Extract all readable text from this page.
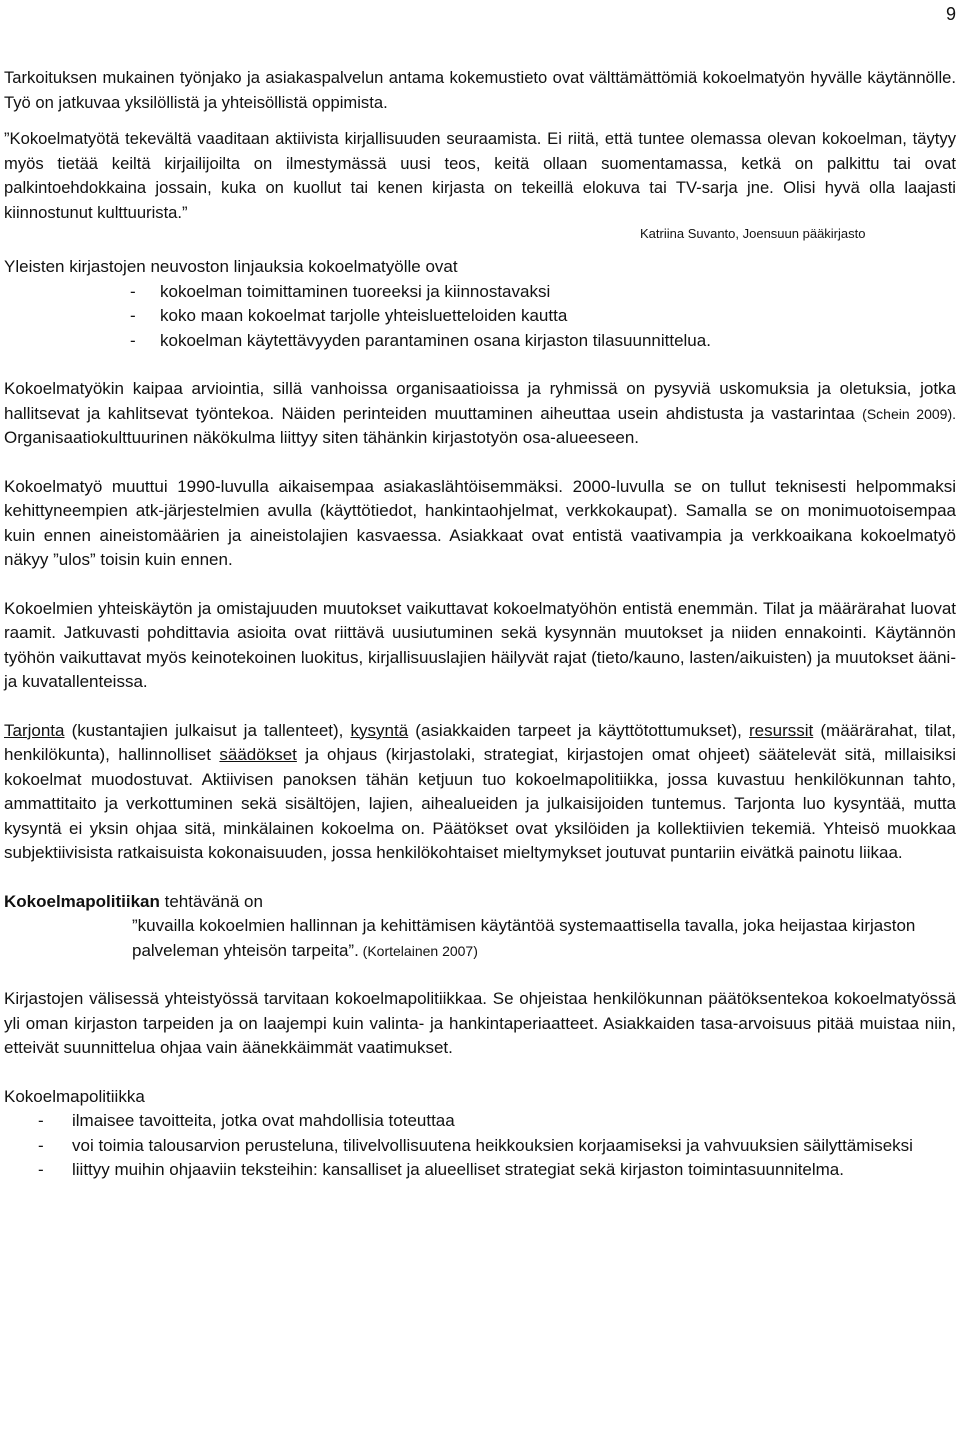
9

Tarkoituksen mukainen työnjako ja asiakaspalvelun antama kokemustieto ovat välttämättömiä kokoelmatyön hyvälle käytännölle. Työ on jatkuvaa yksilöllistä ja yhteisöllistä oppimista.

”Kokoelmatyötä tekevältä vaaditaan aktiivista kirjallisuuden seuraamista. Ei riitä, että tuntee olemassa olevan kokoelman, täytyy myös tietää keiltä kirjailijoilta on ilmestymässä uusi teos, keitä ollaan suomentamassa, ketkä on palkittu tai ovat palkintoehdokkaina jossain, kuka on kuollut tai kenen kirjasta on tekeillä elokuva tai TV-sarja jne. Olisi hyvä olla laajasti kiinnostunut kulttuurista.”

Katriina Suvanto, Joensuun pääkirjasto

Yleisten kirjastojen neuvoston linjauksia kokoelmatyölle ovat

- kokoelman toimittaminen tuoreeksi ja kiinnostavaksi
- koko maan kokoelmat tarjolle yhteisluetteloiden kautta
- kokoelman käytettävyyden parantaminen osana kirjaston tilasuunnittelua.

Kokoelmatyökin kaipaa arviointia, sillä vanhoissa organisaatioissa ja ryhmissä on pysyviä uskomuksia ja oletuksia, jotka hallitsevat ja kahlitsevat työntekoa. Näiden perinteiden muuttaminen aiheuttaa usein ahdistusta ja vastarintaa (Schein 2009). Organisaatiokulttuurinen näkökulma liittyy siten tähänkin kirjastotyön osa-alueeseen.

Kokoelmatyö muuttui 1990-luvulla aikaisempaa asiakaslähtöisemmäksi. 2000-luvulla se on tullut teknisesti helpommaksi kehittyneempien atk-järjestelmien avulla (käyttötiedot, hankintaohjelmat, verkkokaupat). Samalla se on monimuotoisempaa kuin ennen aineistomäärien ja aineistolajien kasvaessa. Asiakkaat ovat entistä vaativampia ja verkkoaikana kokoelmatyö näkyy ”ulos” toisin kuin ennen.

Kokoelmien yhteiskäytön ja omistajuuden muutokset vaikuttavat kokoelmatyöhön entistä enemmän. Tilat ja määrärahat luovat raamit. Jatkuvasti pohdittavia asioita ovat riittävä uusiutuminen sekä kysynnän muutokset ja niiden ennakointi. Käytännön työhön vaikuttavat myös keinotekoinen luokitus, kirjallisuuslajien häilyvät rajat (tieto/kauno, lasten/aikuisten) ja muutokset ääni- ja kuvatallenteissa.

Tarjonta (kustantajien julkaisut ja tallenteet), kysyntä (asiakkaiden tarpeet ja käyttötottumukset), resurssit (määrärahat, tilat, henkilökunta), hallinnolliset säädökset ja ohjaus (kirjastolaki, strategiat, kirjastojen omat ohjeet) säätelevät sitä, millaisiksi kokoelmat muodostuvat. Aktiivisen panoksen tähän ketjuun tuo kokoelmapolitiikka, jossa kuvastuu henkilökunnan tahto, ammattitaito ja verkottuminen sekä sisältöjen, lajien, aihealueiden ja julkaisijoiden tuntemus. Tarjonta luo kysyntää, mutta kysyntä ei yksin ohjaa sitä, minkälainen kokoelma on. Päätökset ovat yksilöiden ja kollektiivien tekemiä. Yhteisö muokkaa subjektiivisista ratkaisuista kokonaisuuden, jossa henkilökohtaiset mieltymykset joutuvat puntariin eivätkä painotu liikaa.

Kokoelmapolitiikan tehtävänä on

”kuvailla kokoelmien hallinnan ja kehittämisen käytäntöä systemaattisella tavalla, joka heijastaa kirjaston palveleman yhteisön tarpeita”. (Kortelainen 2007)

Kirjastojen välisessä yhteistyössä tarvitaan kokoelmapolitiikkaa. Se ohjeistaa henkilökunnan päätöksentekoa kokoelmatyössä yli oman kirjaston tarpeiden ja on laajempi kuin valinta- ja hankintaperiaatteet. Asiakkaiden tasa-arvoisuus pitää muistaa niin, etteivät suunnittelua ohjaa vain äänekkäimmät vaatimukset.

Kokoelmapolitiikka

- ilmaisee tavoitteita, jotka ovat mahdollisia toteuttaa
- voi toimia talousarvion perusteluna, tilivelvollisuutena heikkouksien korjaamiseksi ja vahvuuksien säilyttämiseksi
- liittyy muihin ohjaaviin teksteihin: kansalliset ja alueelliset strategiat sekä kirjaston toimintasuunnitelma.
